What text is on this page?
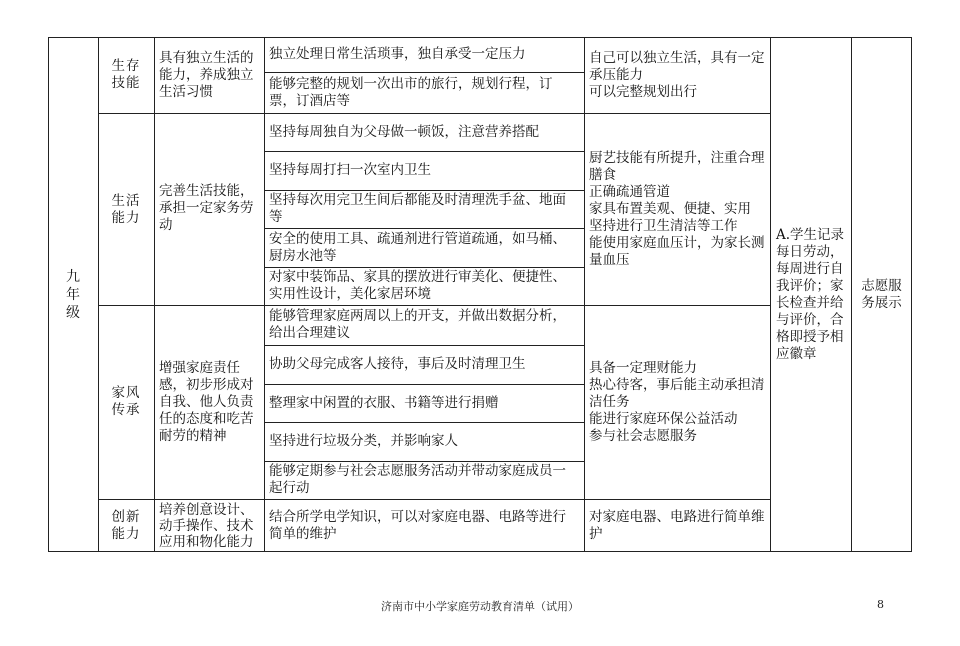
九
年
级
A.学生记录每日劳动，每周进行自我评价；家长检查并给与评价，合格即授予相应徽章
志愿服务展示
生存
技能
具有独立生活的能力，养成独立生活习惯
独立处理日常生活琐事，独自承受一定压力
能够完整的规划一次出市的旅行，规划行程，订票，订酒店等
自己可以独立生活，具有一定承压能力
可以完整规划出行
生活
能力
完善生活技能，承担一定家务劳动
坚持每周独自为父母做一顿饭，注意营养搭配
坚持每周打扫一次室内卫生
坚持每次用完卫生间后都能及时清理洗手盆、地面等
安全的使用工具、疏通剂进行管道疏通，如马桶、厨房水池等
对家中装饰品、家具的摆放进行审美化、便捷性、实用性设计，美化家居环境
厨艺技能有所提升，注重合理膳食
正确疏通管道
家具布置美观、便捷、实用
坚持进行卫生清洁等工作
能使用家庭血压计，为家长测量血压
家风
传承
增强家庭责任感，初步形成对自我、他人负责任的态度和吃苦耐劳的精神
能够管理家庭两周以上的开支，并做出数据分析，给出合理建议
协助父母完成客人接待，事后及时清理卫生
整理家中闲置的衣服、书籍等进行捐赠
坚持进行垃圾分类，并影响家人
能够定期参与社会志愿服务活动并带动家庭成员一起行动
具备一定理财能力
热心待客，事后能主动承担清洁任务
能进行家庭环保公益活动
参与社会志愿服务
创新
能力
培养创意设计、动手操作、技术应用和物化能力
结合所学电学知识，可以对家庭电器、电路等进行简单的维护
对家庭电器、电路进行简单维护
济南市中小学家庭劳动教育清单（试用）	8
